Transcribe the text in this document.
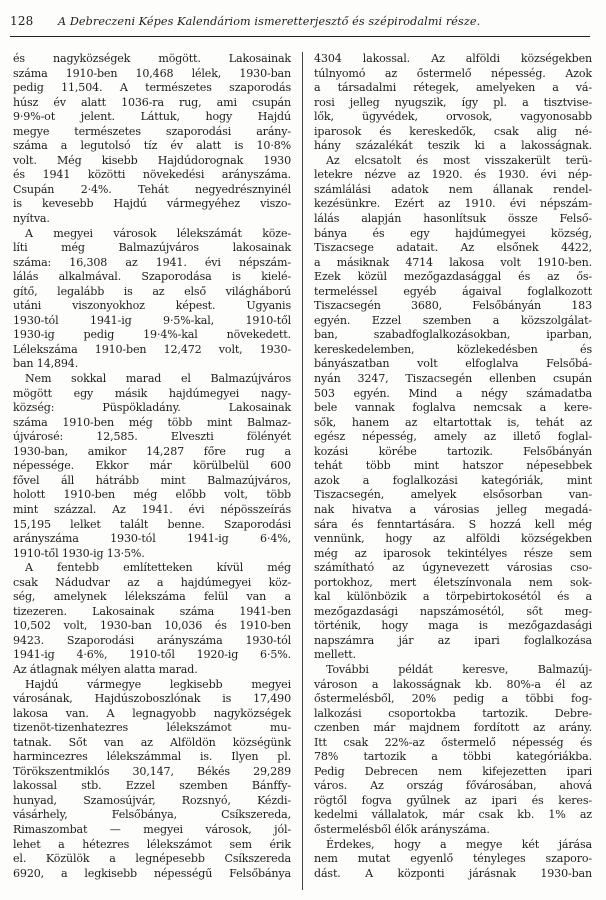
128 A Debreczeni Képes Kalendáriom ismeretterjesztő és szépirodalmi része.
és nagyközségek mögött. Lakosainak
száma 1910-ben 10,468 lélek, 1930-ban
pedig 11,504. A természetes szaporodás
húsz év alatt 1036-ra rug, ami csupán
9·9%-ot jelent. Láttuk, hogy Hajdú
megye természetes szaporodási arány-
száma a legutolsó tíz év alatt is 10·8%
volt. Még kisebb Hajdúdorognak 1930
és 1941 közötti növekedési arányszáma.
Csupán 2·4%. Tehát negyedrésznyinél
is kevesebb Hajdú vármegyéhez viszo-
nyítva.
A megyei városok lélekszámát köze-
líti még Balmazújváros lakosainak
száma: 16,308 az 1941. évi népszám-
lálás alkalmával. Szaporodása is kielé-
gítő, legalább is az első világháború
utáni viszonyokhoz képest. Ugyanis
1930-tól 1941-ig 9·5%-kal, 1910-től
1930-ig pedig 19·4%-kal növekedett.
Lélekszáma 1910-ben 12,472 volt, 1930-
ban 14,894.
Nem sokkal marad el Balmazújváros
mögött egy másik hajdúmegyei nagy-
község: Püspökladány. Lakosainak
száma 1910-ben még több mint Balmaz-
újvárosé: 12,585. Elveszti fölényét
1930-ban, amikor 14,287 főre rug a
népessége. Ekkor már körülbelül 600
fővel áll hátrább mint Balmazújváros,
holott 1910-ben még előbb volt, több
mint százzal. Az 1941. évi népösszeírás
15,195 lelket talált benne. Szaporodási
arányszáma 1930-tól 1941-ig 6·4%,
1910-től 1930-ig 13·5%.
A fentebb említetteken kívül még
csak Nádudvar az a hajdúmegyei köz-
ség, amelynek lélekszáma felül van a
tizezeren. Lakosainak száma 1941-ben
10,502 volt, 1930-ban 10,036 és 1910-ben
9423. Szaporodási arányszáma 1930-tól
1941-ig 4·6%, 1910-től 1920-ig 6·5%.
Az átlagnak mélyen alatta marad.
Hajdú vármegye legkisebb megyei
városának, Hajdúszoboszlónak is 17,490
lakosa van. A legnagyobb nagyközségek
tizenöt-tizenhatezres lélekszámot mu-
tatnak. Sőt van az Alföldön községünk
harmincezres lélekszámmal is. Ilyen pl.
Törökszentmiklós 30,147, Békés 29,289
lakossal stb. Ezzel szemben Bánffy-
hunyad, Szamosújvár, Rozsnyó, Kézdi-
vásárhely, Felsőbánya, Csíkszereda,
Rimaszombat — megyei városok, jól-
lehet a hétezres lélekszámot sem érik
el. Közülök a legnépesebb Csíkszereda
6920, a legkisebb népességű Felsőbánya
4304 lakossal. Az alföldi községekben
túlnyomó az őstermelő népesség. Azok
a társadalmi rétegek, amelyeken a vá-
rosi jelleg nyugszik, így pl. a tisztvise-
lők, ügyvédek, orvosok, vagyonosabb
iparosok és kereskedők, csak alig né-
hány százalékát teszik ki a lakosságnak.
Az elcsatolt és most visszakerült terü-
letekre nézve az 1920. és 1930. évi nép-
számlálási adatok nem állanak rendel-
kezésünkre. Ezért az 1910. évi népszám-
lálás alapján hasonlítsuk össze Felső-
bánya és egy hajdúmegyei község,
Tiszacsege adatait. Az elsőnek 4422,
a másiknak 4714 lakosa volt 1910-ben.
Ezek közül mezőgazdasággal és az ős-
termeléssel egyéb ágaival foglalkozott
Tiszacsegén 3680, Felsőbányán 183
egyén. Ezzel szemben a közszolgálat-
ban, szabadfoglalkozásokban, iparban,
kereskedelemben, közlekedésben és
bányászatban volt elfoglalva Felsőbá-
nyán 3247, Tiszacsegén ellenben csupán
503 egyén. Mind a négy számadatba
bele vannak foglalva nemcsak a kere-
sők, hanem az eltartottak is, tehát az
egész népesség, amely az illető foglal-
kozási körébe tartozik. Felsőbányán
tehát több mint hatszor népesebbek
azok a foglalkozási kategóriák, mint
Tiszacsegén, amelyek elsősorban van-
nak hivatva a városias jelleg megadá-
sára és fenntartására. S hozzá kell még
vennünk, hogy az alföldi községekben
még az iparosok tekintélyes része sem
számítható az úgynevezett városias cso-
portokhoz, mert életszínvonala nem sok-
kal különbözik a törpebirtokosétól és a
mezőgazdasági napszámosétól, sőt meg-
történik, hogy maga is mezőgazdasági
napszámra jár az ipari foglalkozása
mellett.
További példát keresve, Balmazúj-
városon a lakosságnak kb. 80%-a él az
őstermelésből, 20% pedig a többi fog-
lalkozási csoportokba tartozik. Debre-
czenben már majdnem fordított az arány.
Itt csak 22%-az őstermelő népesség és
78% tartozik a többi kategóriákba.
Pedig Debrecen nem kifejezetten ipari
város. Az ország fővárosában, ahová
rögtől fogva gyűlnek az ipari és keres-
kedelmi vállalatok, már csak kb. 1% az
őstermelésből élők arányszáma.
Érdekes, hogy a megye két járása
nem mutat egyenlő tényleges szaporo-
dást. A központi járásnak 1930-ban
